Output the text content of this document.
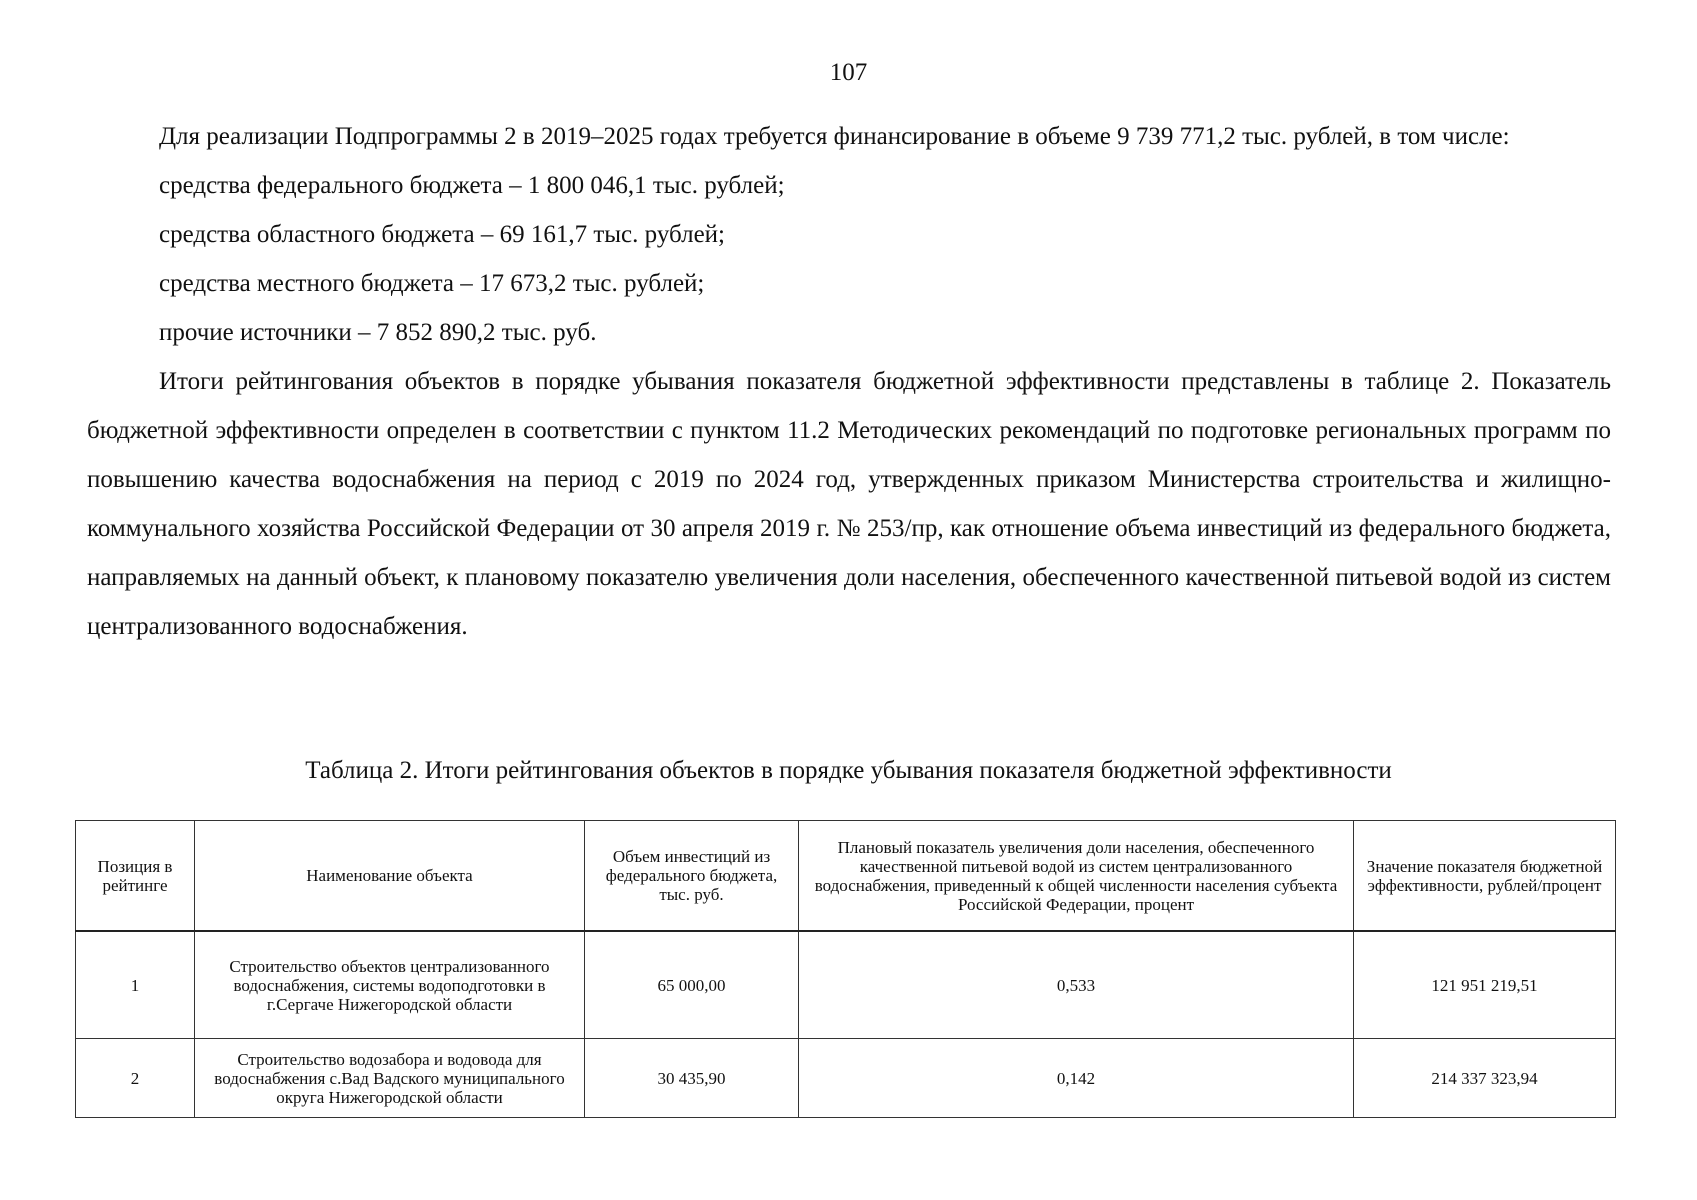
107

Для реализации Подпрограммы 2 в 2019–2025 годах требуется финансирование в объеме 9 739 771,2 тыс. рублей, в том числе:

средства федерального бюджета – 1 800 046,1 тыс. рублей;

средства областного бюджета – 69 161,7 тыс. рублей;

средства местного бюджета – 17 673,2 тыс. рублей;

прочие источники – 7 852 890,2 тыс. руб.

Итоги рейтингования объектов в порядке убывания показателя бюджетной эффективности представлены в таблице 2. Показатель бюджетной эффективности определен в соответствии с пунктом 11.2 Методических рекомендаций по подготовке региональных программ по повышению качества водоснабжения на период с 2019 по 2024 год, утвержденных приказом Министерства строительства и жилищно-коммунального хозяйства Российской Федерации от 30 апреля 2019 г. № 253/пр, как отношение объема инвестиций из федерального бюджета, направляемых на данный объект, к плановому показателю увеличения доли населения, обеспеченного качественной питьевой водой из систем централизованного водоснабжения.

Таблица 2. Итоги рейтингования объектов в порядке убывания показателя бюджетной эффективности
Позиция в рейтинге	Наименование объекта	Объем инвестиций из федерального бюджета, тыс. руб.	Плановый показатель увеличения доли населения, обеспеченного качественной питьевой водой из систем централизованного водоснабжения, приведенный к общей численности населения субъекта Российской Федерации, процент	Значение показателя бюджетной эффективности, рублей/процент
1	Строительство объектов централизованного водоснабжения, системы водоподготовки в г.Сергаче Нижегородской области	65 000,00	0,533	121 951 219,51
2	Строительство водозабора и водовода для водоснабжения с.Вад Вадского муниципального округа Нижегородской области	30 435,90	0,142	214 337 323,94
